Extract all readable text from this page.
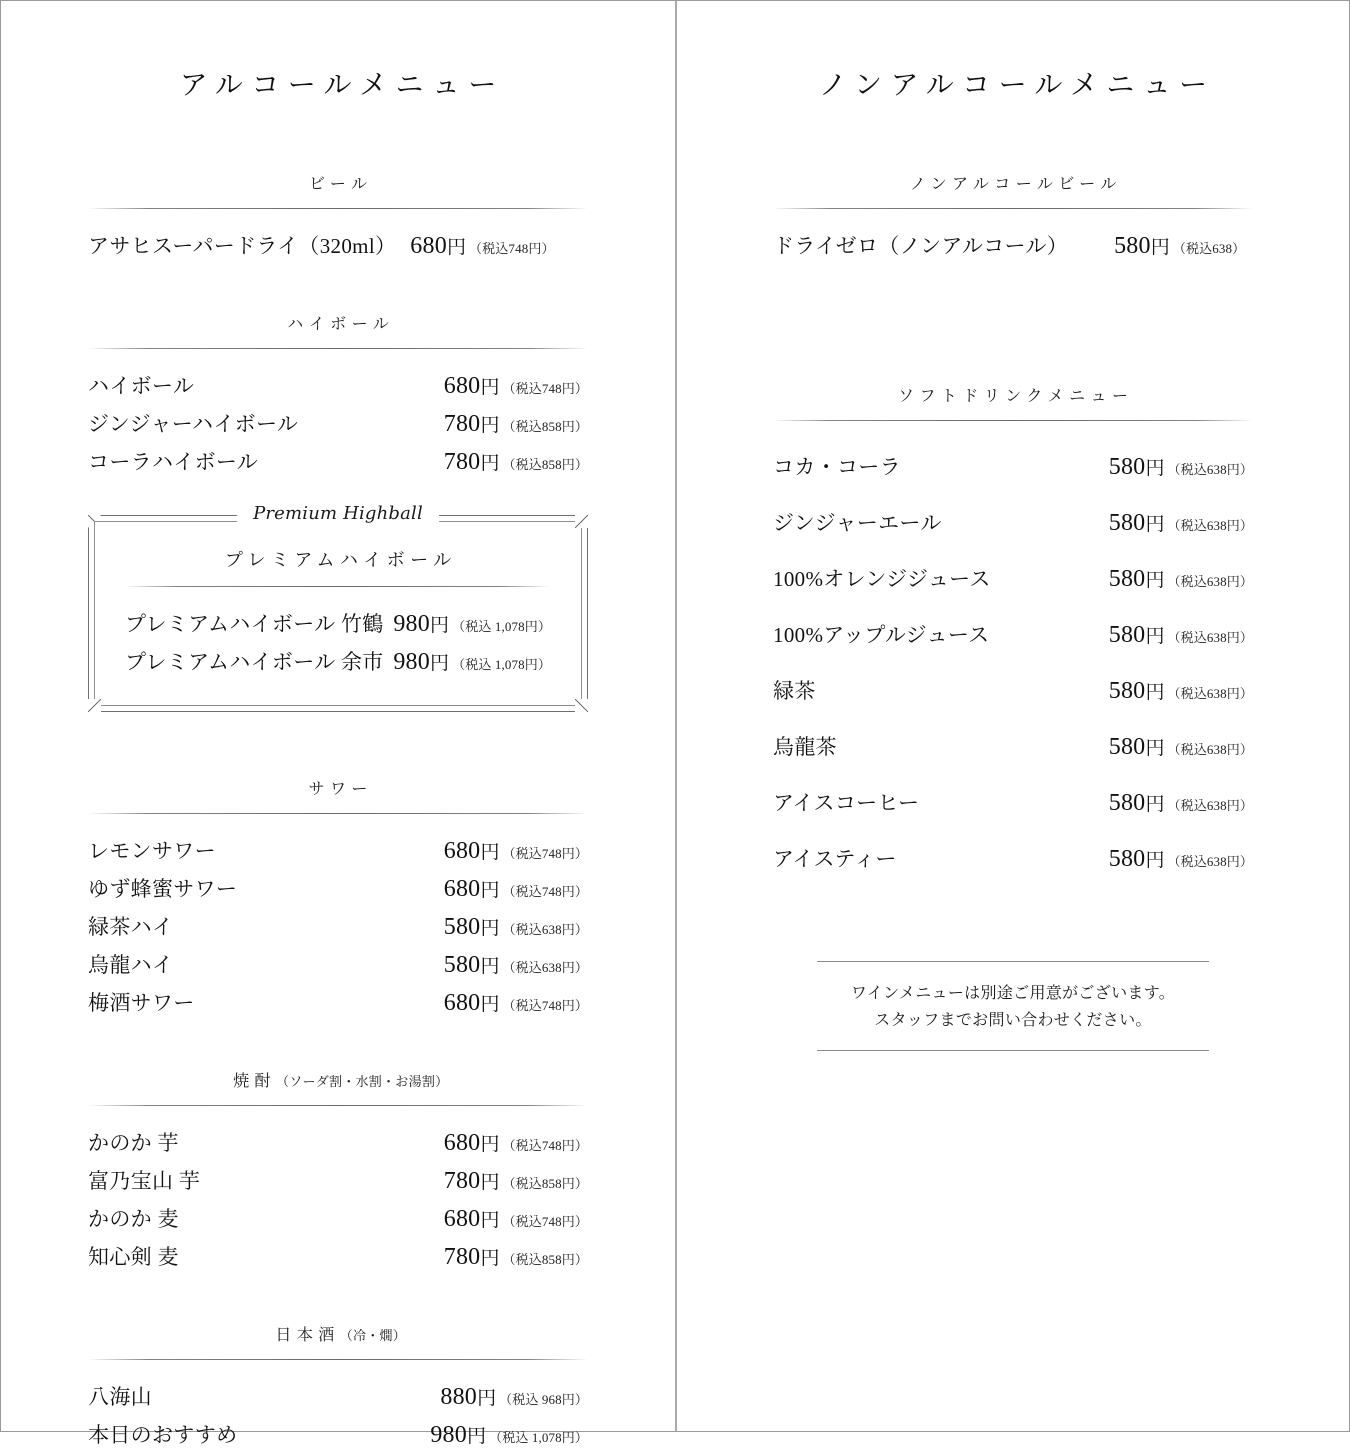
アルコールメニュー
ビール
アサヒスーパードライ（320ml） 680円 （税込748円）
ハイボール
ハイボール	680円 （税込748円）
ジンジャーハイボール	780円 （税込858円）
コーラハイボール	780円 （税込858円）
Premium Highball
プレミアムハイボール
プレミアムハイボール 竹鶴 980円 （税込 1,078円）
プレミアムハイボール 余市 980円 （税込 1,078円）
サワー
レモンサワー	680円 （税込748円）
ゆず蜂蜜サワー	680円 （税込748円）
緑茶ハイ	580円 （税込638円）
烏龍ハイ	580円 （税込638円）
梅酒サワー	680円 （税込748円）
焼酎（ソーダ割・水割・お湯割）
かのか 芋	680円 （税込748円）
富乃宝山 芋	780円 （税込858円）
かのか 麦	680円 （税込748円）
知心剣 麦	780円 （税込858円）
日本酒（冷・燗）
八海山	880円 （税込 968円）
本日のおすすめ	980円 （税込 1,078円）
ノンアルコールメニュー
ノンアルコールビール
ドライゼロ（ノンアルコール） 580円 （税込638）
ソフトドリンクメニュー
コカ・コーラ	580円 （税込638円）
ジンジャーエール	580円 （税込638円）
100%オレンジジュース	580円 （税込638円）
100%アップルジュース	580円 （税込638円）
緑茶	580円 （税込638円）
烏龍茶	580円 （税込638円）
アイスコーヒー	580円 （税込638円）
アイスティー	580円 （税込638円）
ワインメニューは別途ご用意がございます。
スタッフまでお問い合わせください。
